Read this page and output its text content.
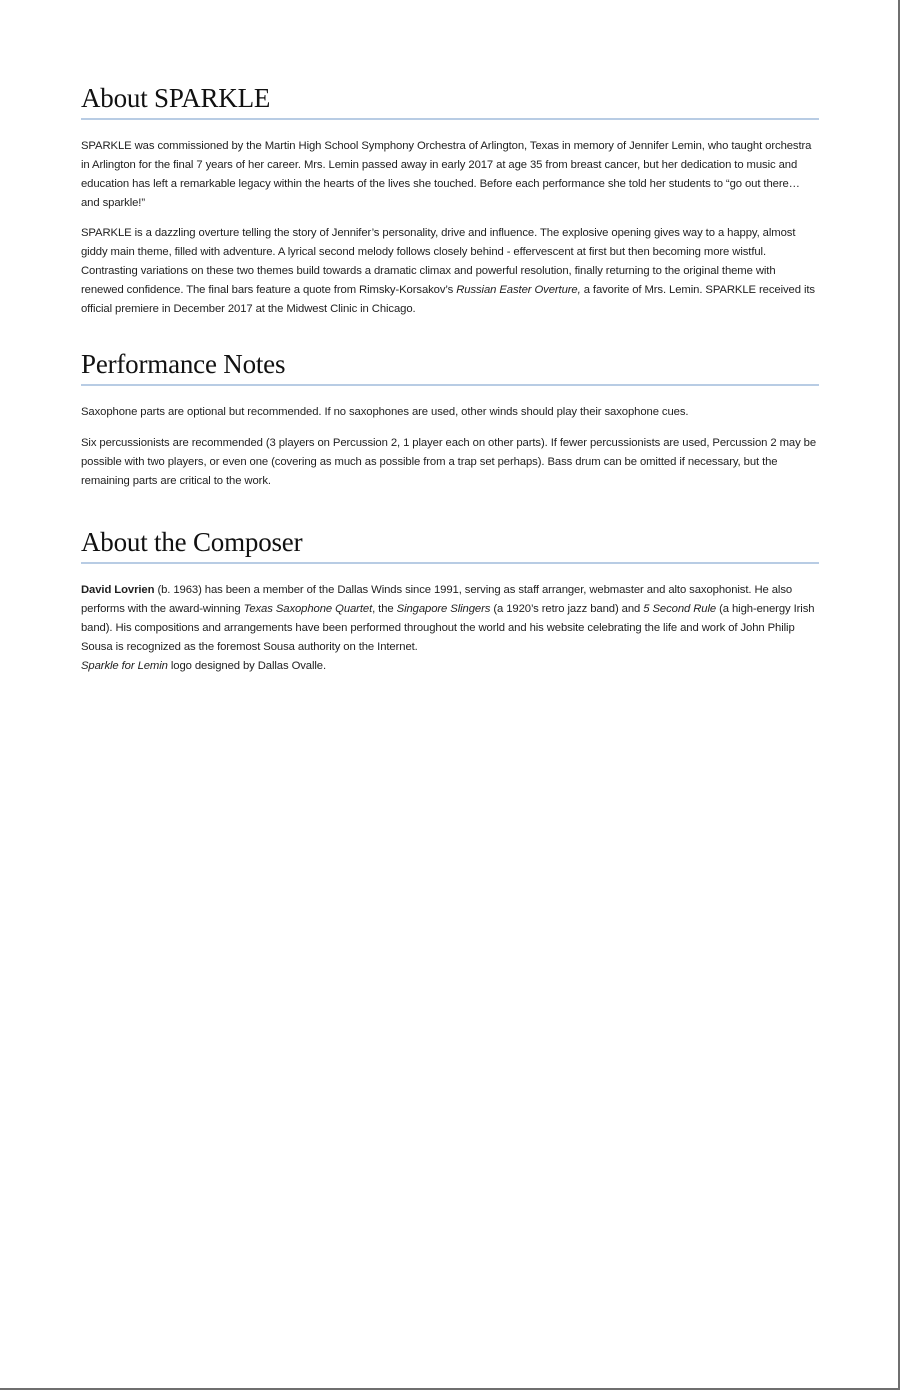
About SPARKLE

SPARKLE was commissioned by the Martin High School Symphony Orchestra of Arlington, Texas in memory of Jennifer Lemin, who taught orchestra in Arlington for the final 7 years of her career. Mrs. Lemin passed away in early 2017 at age 35 from breast cancer, but her dedication to music and education has left a remarkable legacy within the hearts of the lives she touched. Before each performance she told her students to “go out there… and sparkle!”

SPARKLE is a dazzling overture telling the story of Jennifer’s personality, drive and influence. The explosive opening gives way to a happy, almost giddy main theme, filled with adventure. A lyrical second melody follows closely behind - effervescent at first but then becoming more wistful. Contrasting variations on these two themes build towards a dramatic climax and powerful resolution, finally returning to the original theme with renewed confidence. The final bars feature a quote from Rimsky-Korsakov’s Russian Easter Overture, a favorite of Mrs. Lemin. SPARKLE received its official premiere in December 2017 at the Midwest Clinic in Chicago.

Performance Notes

Saxophone parts are optional but recommended. If no saxophones are used, other winds should play their saxophone cues.

Six percussionists are recommended (3 players on Percussion 2, 1 player each on other parts). If fewer percussionists are used, Percussion 2 may be possible with two players, or even one (covering as much as possible from a trap set perhaps). Bass drum can be omitted if necessary, but the remaining parts are critical to the work.

About the Composer

David Lovrien (b. 1963) has been a member of the Dallas Winds since 1991, serving as staff arranger, webmaster and alto saxophonist. He also performs with the award-winning Texas Saxophone Quartet, the Singapore Slingers (a 1920’s retro jazz band) and 5 Second Rule (a high-energy Irish band). His compositions and arrangements have been performed throughout the world and his website celebrating the life and work of John Philip Sousa is recognized as the foremost Sousa authority on the Internet.

Sparkle for Lemin logo designed by Dallas Ovalle.
